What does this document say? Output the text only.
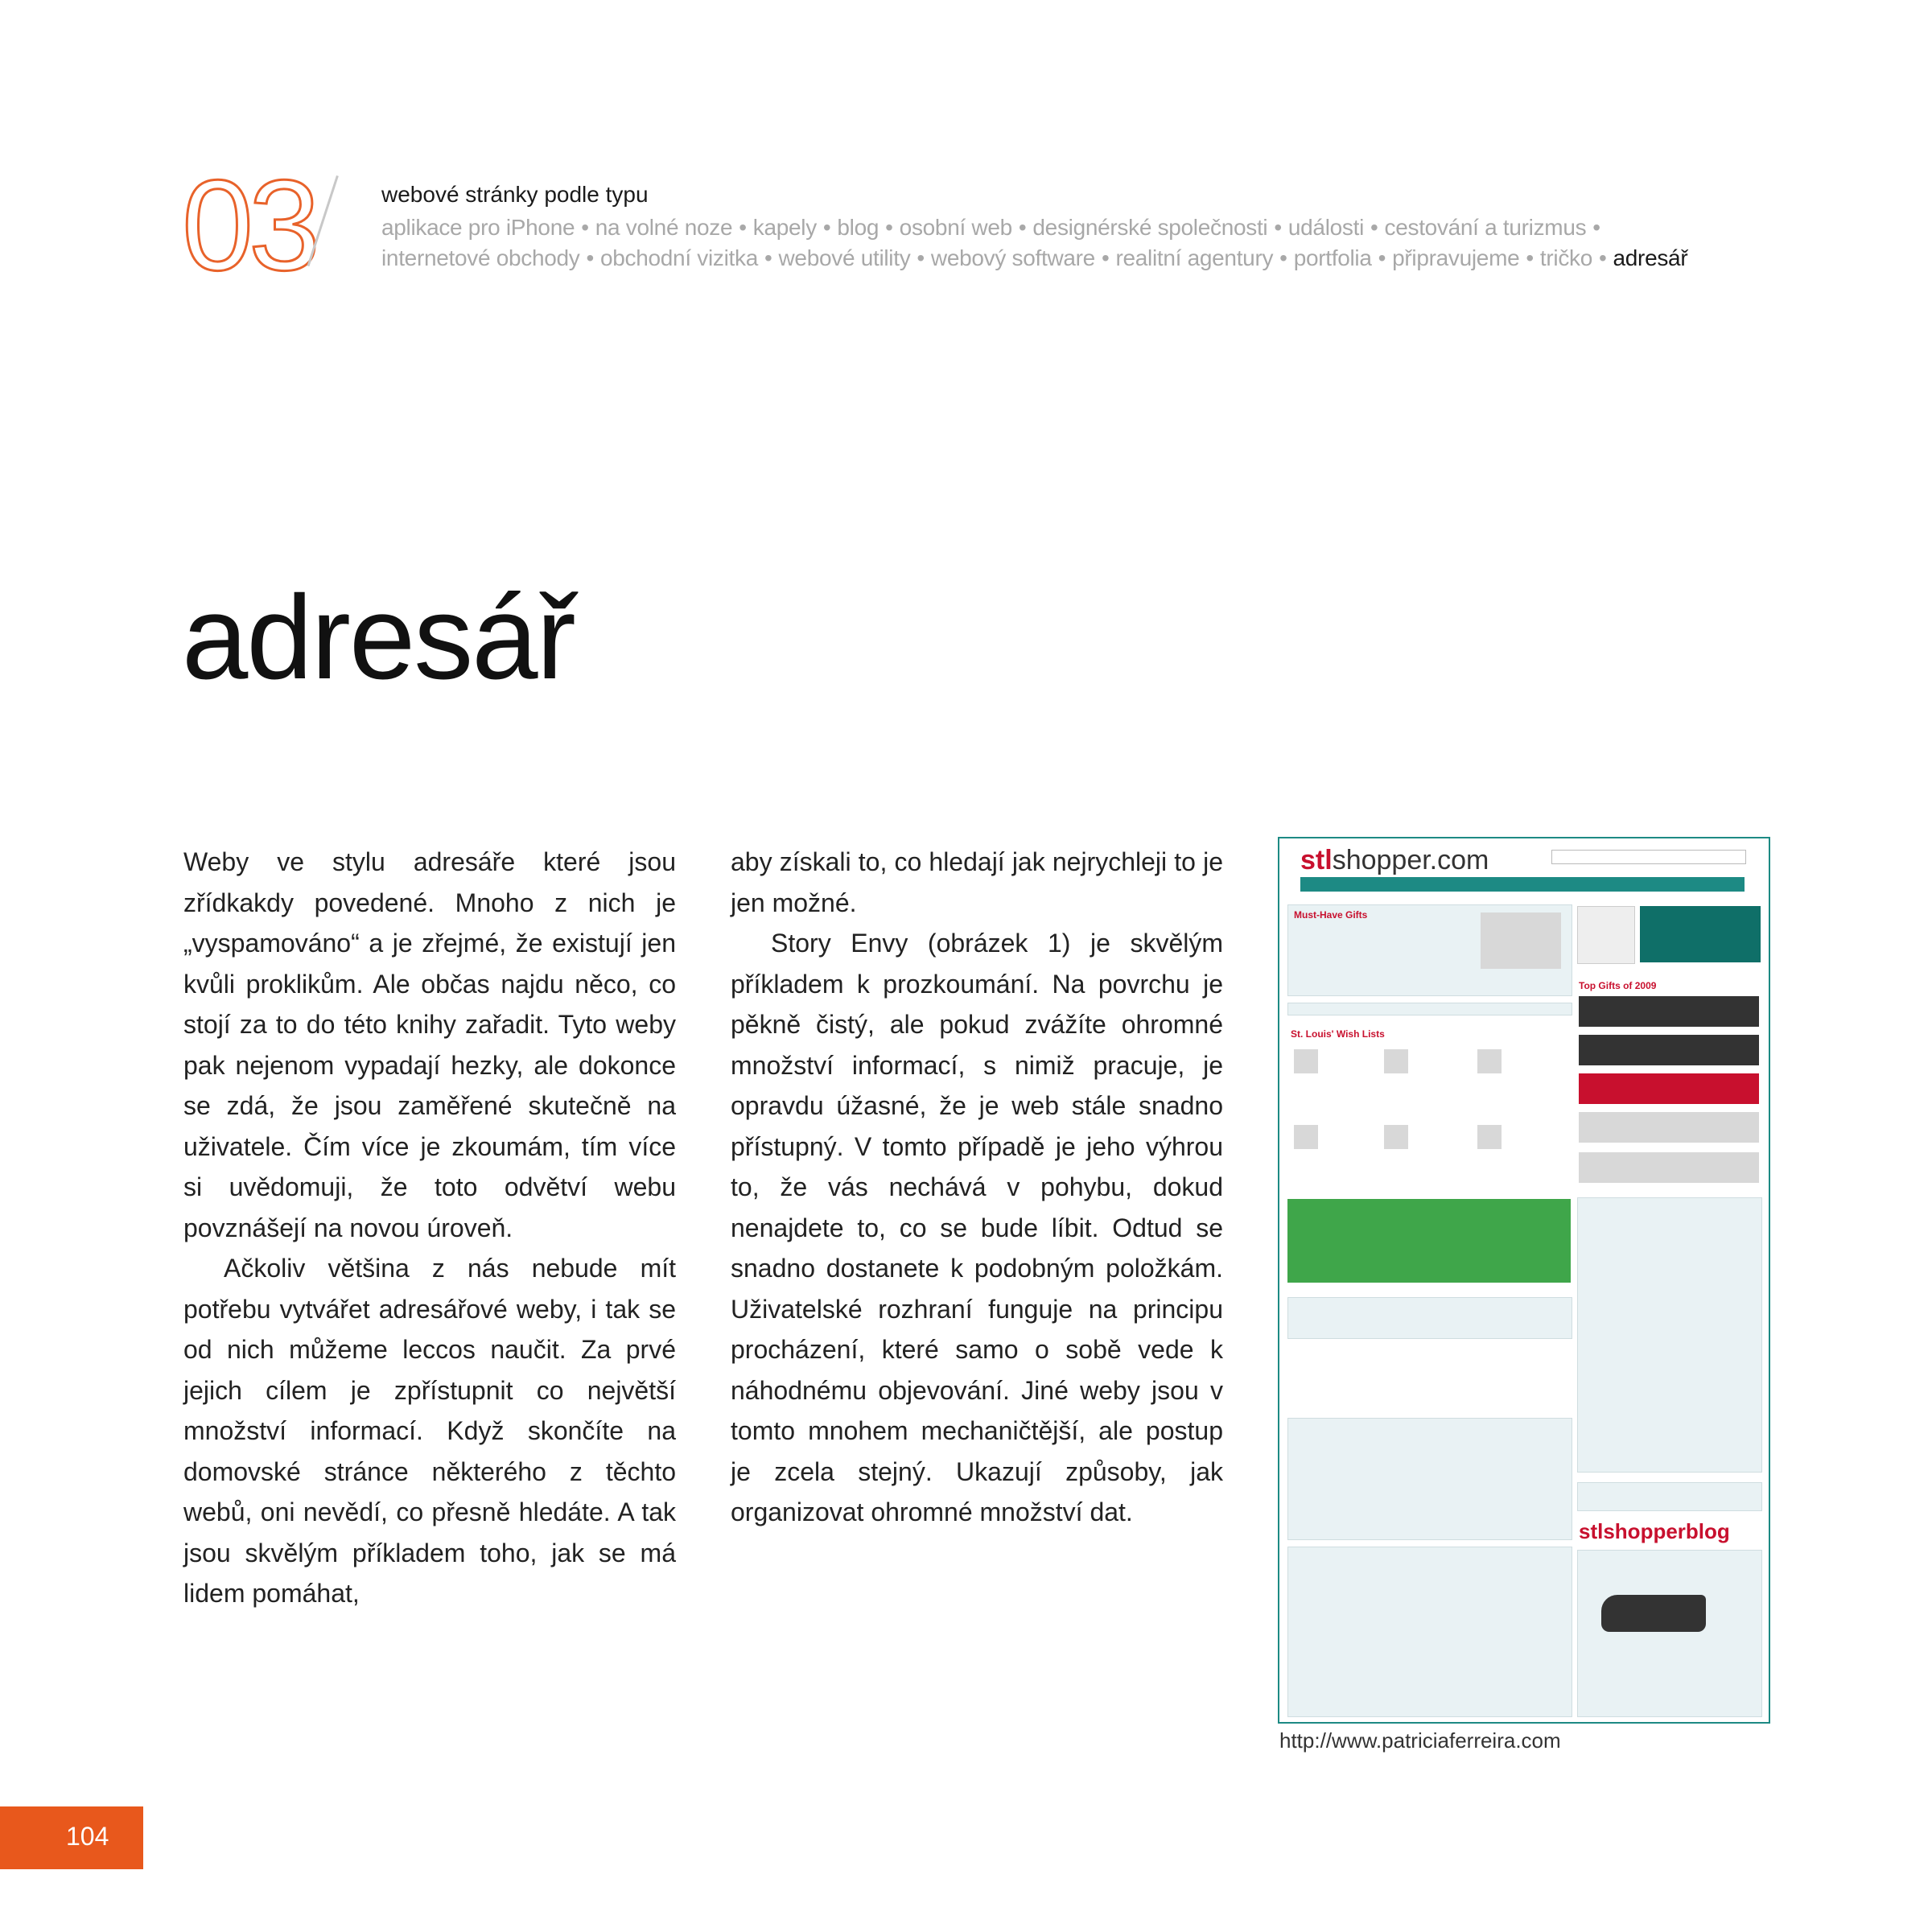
03	webové stránky podle typu
aplikace pro iPhone • na volné noze • kapely • blog • osobní web • designérské společnosti • události • cestování a turizmus •
internetové obchody • obchodní vizitka • webové utility • webový software • realitní agentury • portfolia • připravujeme • tričko • adresář
adresář

Weby ve stylu adresáře které jsou zřídkakdy povedené. Mnoho z nich je „vyspamováno“ a je zřejmé, že existují jen kvůli proklikům. Ale občas najdu něco, co stojí za to do této knihy zařadit. Tyto weby pak nejenom vypadají hezky, ale dokonce se zdá, že jsou zaměřené skutečně na uživatele. Čím více je zkoumám, tím více si uvědomuji, že toto odvětví webu povznášejí na novou úroveň.

Ačkoliv většina z nás nebude mít potřebu vytvářet adresářové weby, i tak se od nich můžeme leccos naučit. Za prvé jejich cílem je zpřístupnit co největší množství informací. Když skončíte na domovské stránce některého z těchto webů, oni nevědí, co přesně hledáte. A tak jsou skvělým příkladem toho, jak se má lidem pomáhat,

aby získali to, co hledají jak nejrychleji to je jen možné.

Story Envy (obrázek 1) je skvělým příkladem k prozkoumání. Na povrchu je pěkně čistý, ale pokud zvážíte ohromné množství informací, s nimiž pracuje, je opravdu úžasné, že je web stále snadno přístupný. V tomto případě je jeho výhrou to, že vás nechává v pohybu, dokud nenajdete to, co se bude líbit. Odtud se snadno dostanete k podobným položkám. Uživatelské rozhraní funguje na principu procházení, které samo o sobě vede k náhodnému objevování. Jiné weby jsou v tomto mnohem mechaničtější, ale postup je zcela stejný. Ukazují způsoby, jak organizovat ohromné množství dat.

stlshopper.com
Must-Have Gifts
St. Louis' Wish Lists
Top Gifts of 2009
stlshopperblog
http://www.patriciaferreira.com
104
